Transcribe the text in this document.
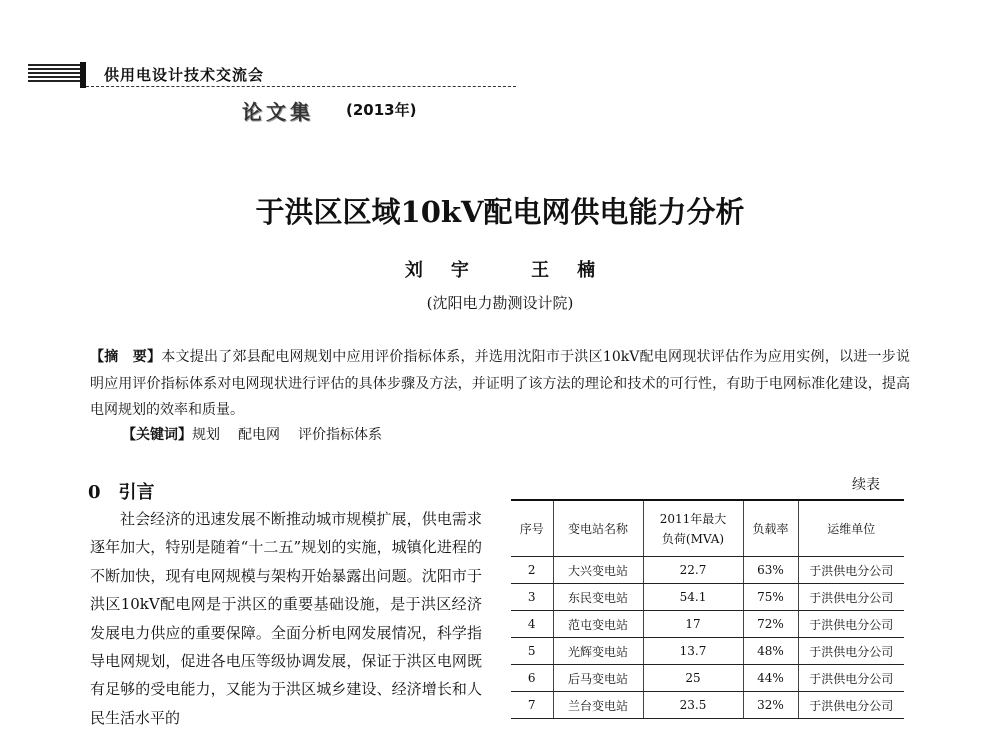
供用电设计技术交流会
论文集 (2013年)
于洪区区域10kV配电网供电能力分析
刘宇 王楠
(沈阳电力勘测设计院)
【摘　要】本文提出了郊县配电网规划中应用评价指标体系，并选用沈阳市于洪区10kV配电网现状评估作为应用实例，以进一步说明应用评价指标体系对电网现状进行评估的具体步骤及方法，并证明了该方法的理论和技术的可行性，有助于电网标准化建设，提高电网规划的效率和质量。
【关键词】规划 配电网 评价指标体系
0　引言

社会经济的迅速发展不断推动城市规模扩展，供电需求逐年加大，特别是随着“十二五”规划的实施，城镇化进程的不断加快，现有电网规模与架构开始暴露出问题。沈阳市于洪区10kV配电网是于洪区的重要基础设施，是于洪区经济发展电力供应的重要保障。全面分析电网发展情况，科学指导电网规划，促进各电压等级协调发展，保证于洪区电网既有足够的受电能力，又能为于洪区城乡建设、经济增长和人民生活水平的

续表
序号	变电站名称	2011年最大负荷(MVA)	负载率	运维单位
2	大兴变电站	22.7	63%	于洪供电分公司
3	东民变电站	54.1	75%	于洪供电分公司
4	范屯变电站	17	72%	于洪供电分公司
5	光辉变电站	13.7	48%	于洪供电分公司
6	后马变电站	25	44%	于洪供电分公司
7	兰台变电站	23.5	32%	于洪供电分公司
